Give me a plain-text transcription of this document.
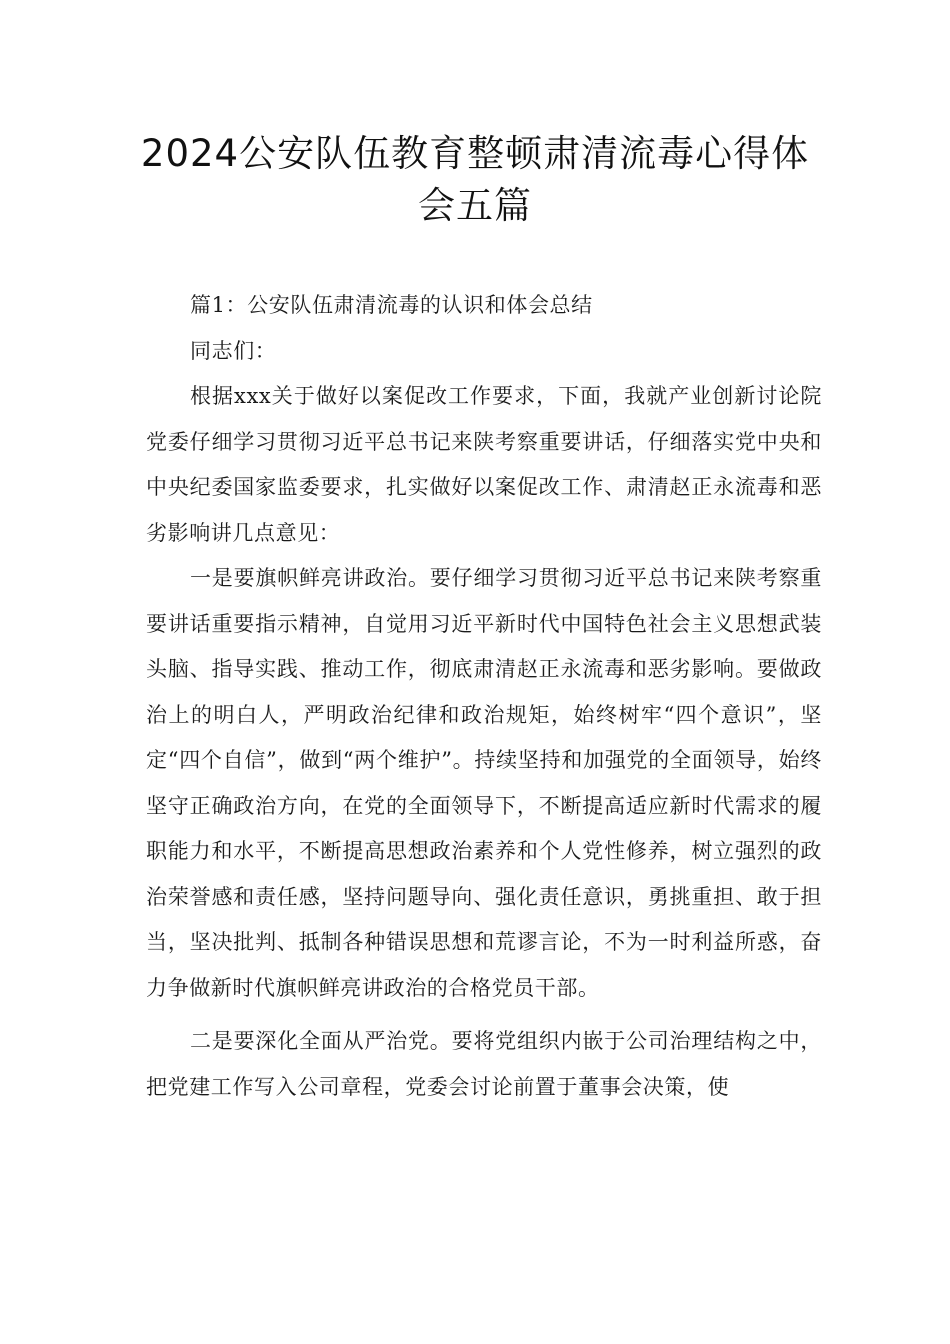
2024公安队伍教育整顿肃清流毒心得体
会五篇

篇1：公安队伍肃清流毒的认识和体会总结

同志们：

根据xxx关于做好以案促改工作要求，下面，我就产业创新讨论院党委仔细学习贯彻习近平总书记来陕考察重要讲话，仔细落实党中央和中央纪委国家监委要求，扎实做好以案促改工作、肃清赵正永流毒和恶劣影响讲几点意见：

一是要旗帜鲜亮讲政治。要仔细学习贯彻习近平总书记来陕考察重要讲话重要指示精神，自觉用习近平新时代中国特色社会主义思想武装头脑、指导实践、推动工作，彻底肃清赵正永流毒和恶劣影响。要做政治上的明白人，严明政治纪律和政治规矩，始终树牢“四个意识”，坚定“四个自信”，做到“两个维护”。持续坚持和加强党的全面领导，始终坚守正确政治方向，在党的全面领导下，不断提高适应新时代需求的履职能力和水平，不断提高思想政治素养和个人党性修养，树立强烈的政治荣誉感和责任感，坚持问题导向、强化责任意识，勇挑重担、敢于担当，坚决批判、抵制各种错误思想和荒谬言论，不为一时利益所惑，奋力争做新时代旗帜鲜亮讲政治的合格党员干部。

二是要深化全面从严治党。要将党组织内嵌于公司治理结构之中，把党建工作写入公司章程，党委会讨论前置于董事会决策，使
